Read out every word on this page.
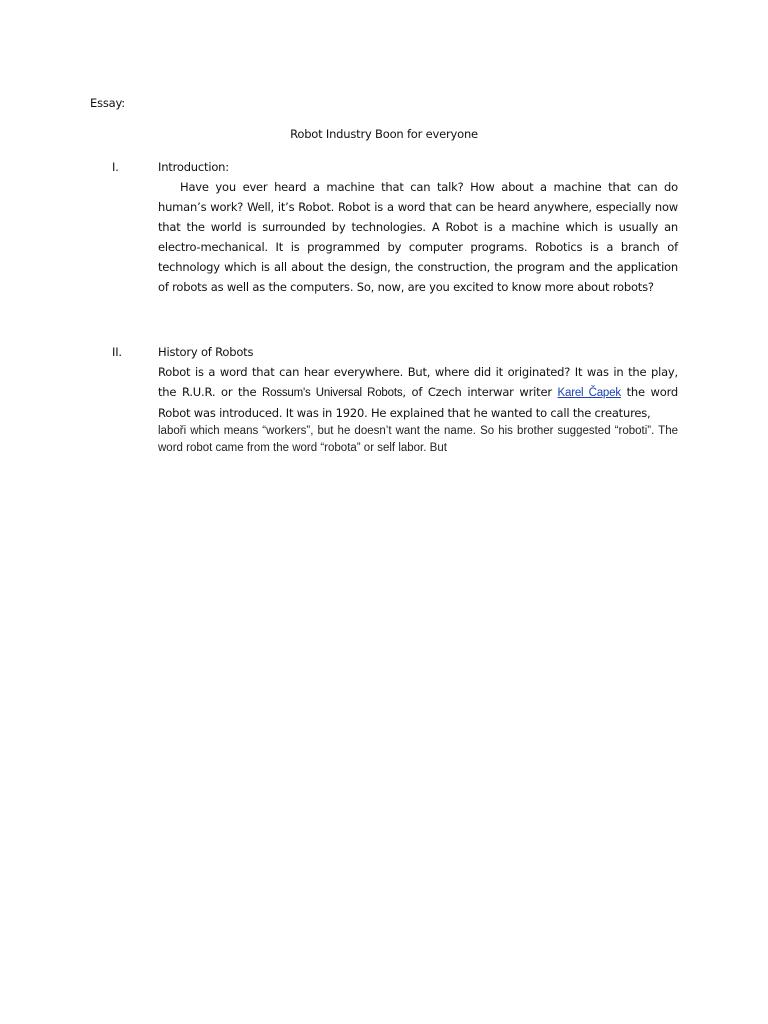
Essay:
Robot Industry Boon for everyone
I.	Introduction:

Have you ever heard a machine that can talk? How about a machine that can do human’s work? Well, it’s Robot. Robot is a word that can be heard anywhere, especially now that the world is surrounded by technologies. A Robot is a machine which is usually an electro-mechanical. It is programmed by computer programs. Robotics is a branch of technology which is all about the design, the construction, the program and the application of robots as well as the computers. So, now, are you excited to know more about robots?

II.	History of Robots

Robot is a word that can hear everywhere. But, where did it originated? It was in the play, the R.U.R. or the Rossum's Universal Robots, of Czech interwar writer Karel Čapek the word Robot was introduced. It was in 1920. He explained that he wanted to call the creatures,

laboři which means “workers”, but he doesn’t want the name. So his brother suggested “roboti”. The word robot came from the word “robota” or self labor. But
